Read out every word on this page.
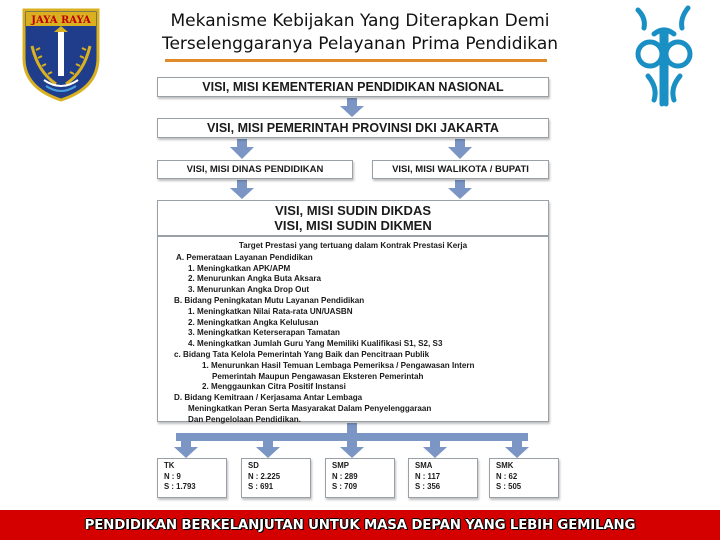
JAYA RAYA	Mekanisme Kebijakan Yang Diterapkan Demi
Terselenggaranya Pelayanan Prima Pendidikan
VISI, MISI KEMENTERIAN PENDIDIKAN NASIONAL
VISI, MISI PEMERINTAH PROVINSI DKI JAKARTA
VISI, MISI DINAS PENDIDIKAN	VISI, MISI WALIKOTA / BUPATI
VISI, MISI SUDIN DIKDAS
VISI, MISI SUDIN DIKMEN
Target Prestasi yang tertuang dalam Kontrak Prestasi Kerja
A. Pemerataan Layanan Pendidikan
1. Meningkatkan APK/APM
2. Menurunkan Angka Buta Aksara
3. Menurunkan Angka Drop Out
B. Bidang Peningkatan Mutu Layanan Pendidikan
1. Meningkatkan Nilai Rata-rata UN/UASBN
2. Meningkatkan Angka Kelulusan
3. Meningkatkan Keterserapan Tamatan
4. Meningkatkan Jumlah Guru Yang Memiliki Kualifikasi S1, S2, S3
c. Bidang Tata Kelola Pemerintah Yang Baik dan Pencitraan Publik
1. Menurunkan Hasil Temuan Lembaga Pemeriksa / Pengawasan Intern
Pemerintah Maupun Pengawasan Eksteren Pemerintah
2. Menggaunkan Citra Positif Instansi
D. Bidang Kemitraan / Kerjasama Antar Lembaga
Meningkatkan Peran Serta Masyarakat Dalam Penyelenggaraan
Dan Pengelolaan Pendidikan.
TK
N : 9
S : 1.793
SD
N : 2.225
S : 691
SMP
N : 289
S : 709
SMA
N : 117
S : 356
SMK
N : 62
S : 505
PENDIDIKAN BERKELANJUTAN UNTUK MASA DEPAN YANG LEBIH GEMILANG
